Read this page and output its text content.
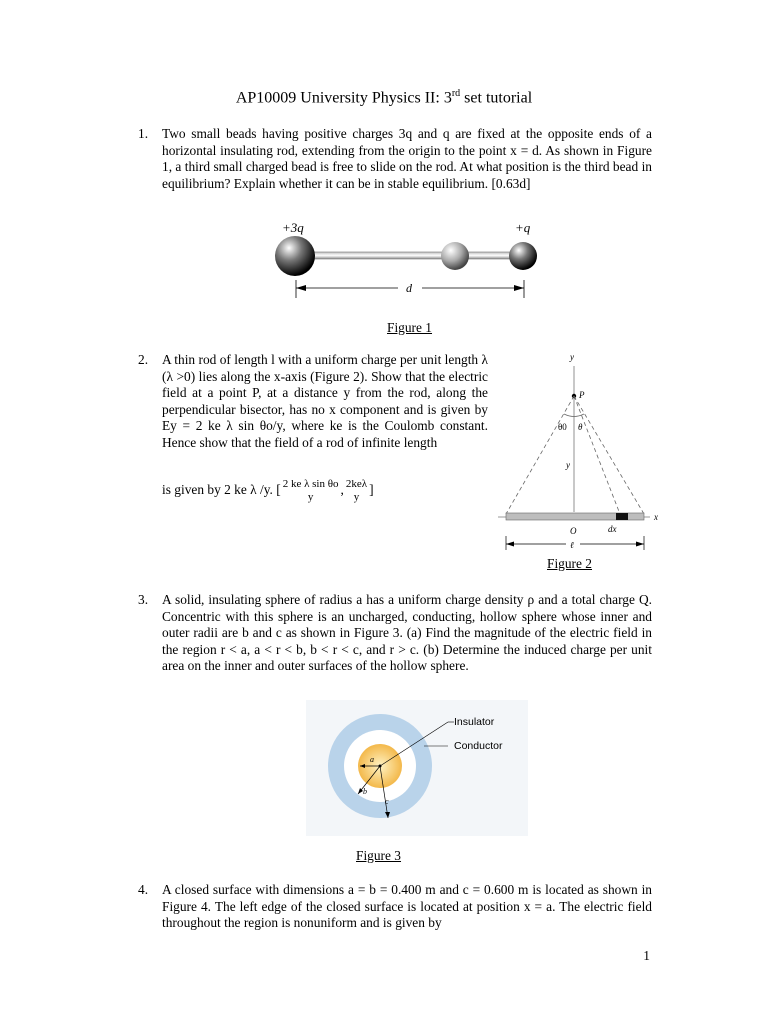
AP10009 University Physics II: 3rd set tutorial
1.	Two small beads having positive charges 3q and q are fixed at the opposite ends of a horizontal insulating rod, extending from the origin to the point x = d. As shown in Figure 1, a third small charged bead is free to slide on the rod. At what position is the third bead in equilibrium? Explain whether it can be in stable equilibrium. [0.63d]
+3q	+q
d
Figure 1
2.	A thin rod of length l with a uniform charge per unit length λ (λ >0) lies along the x-axis (Figure 2). Show that the electric field at a point P, at a distance y from the rod, along the perpendicular bisector, has no x component and is given by Ey = 2 ke λ sin θo/y, where ke is the Coulomb constant. Hence show that the field of a rod of infinite length
is given by 2 ke λ /y. [ 2 ke λ sin θo
y	, 2keλ
y ]
y
P
θ0 θ
y
x
O	dx
ℓ
Figure 2
3.	A solid, insulating sphere of radius a has a uniform charge density ρ and a total charge Q. Concentric with this sphere is an uncharged, conducting, hollow sphere whose inner and outer radii are b and c as shown in Figure 3. (a) Find the magnitude of the electric field in the region r < a, a < r < b, b < r < c, and r > c. (b) Determine the induced charge per unit area on the inner and outer surfaces of the hollow sphere.
a
b
c
Insulator
Conductor
Figure 3
4.	A closed surface with dimensions a = b = 0.400 m and c = 0.600 m is located as shown in Figure 4. The left edge of the closed surface is located at position x = a. The electric field throughout the region is nonuniform and is given by
1
